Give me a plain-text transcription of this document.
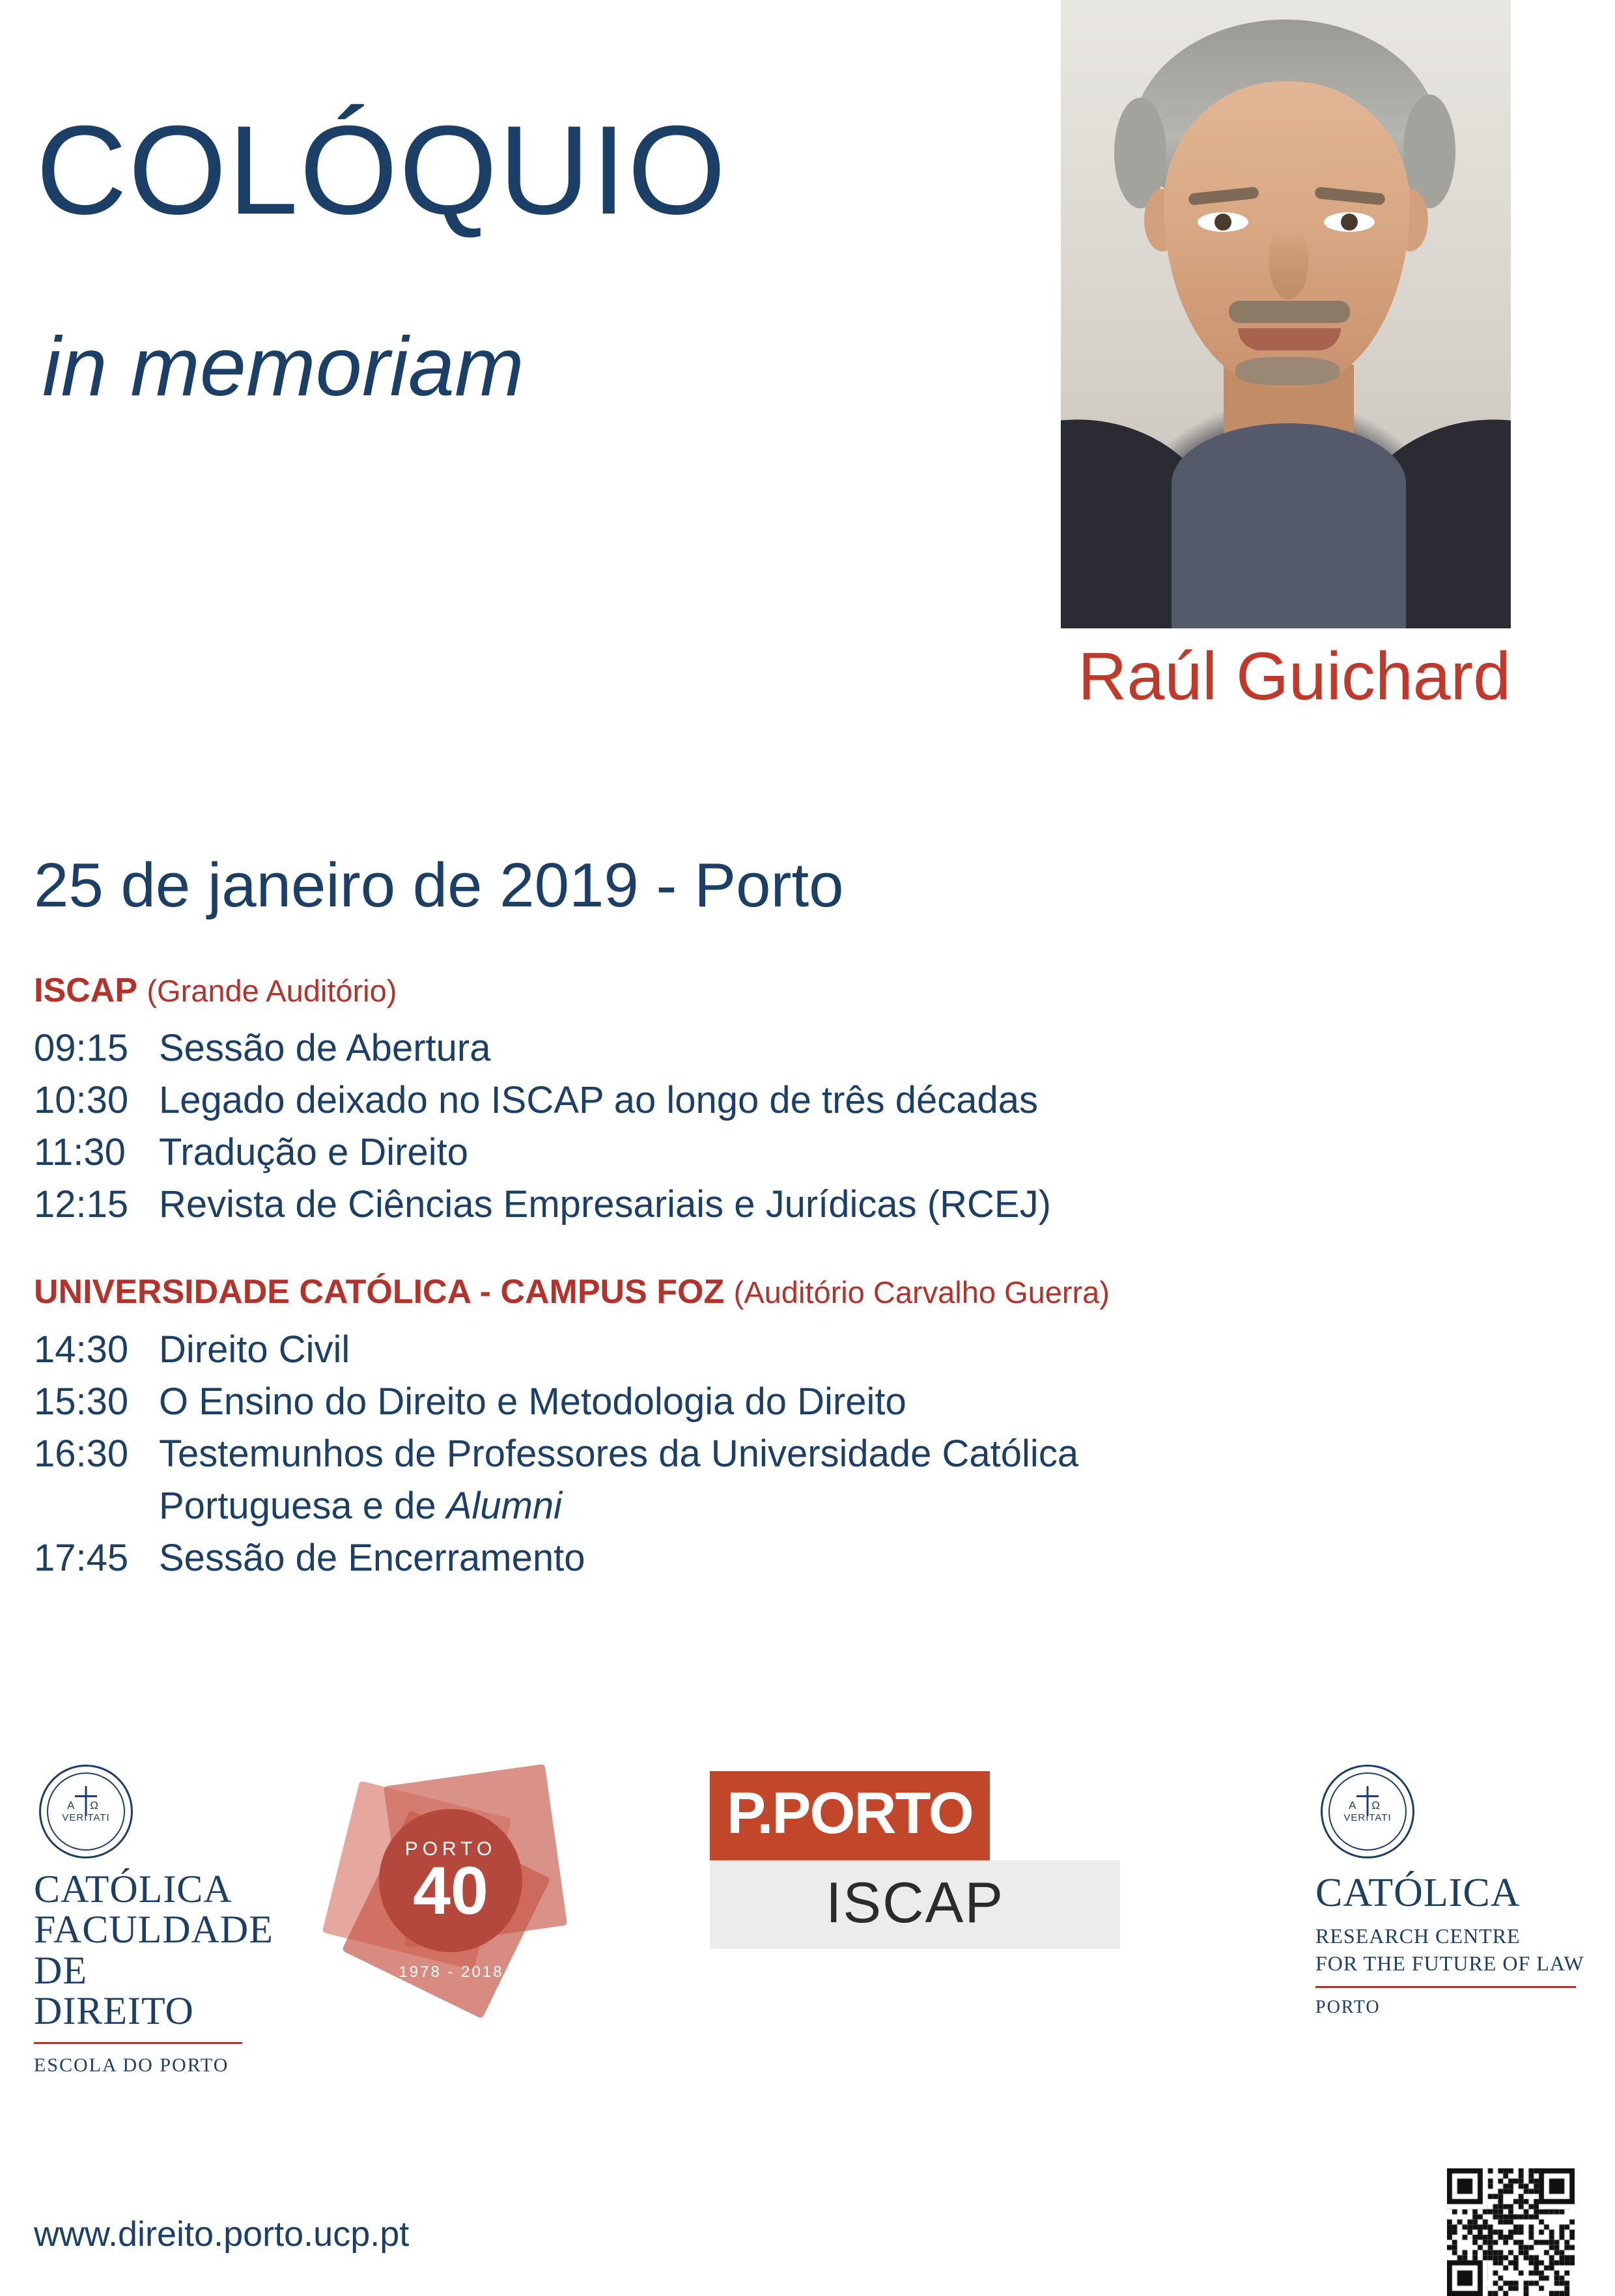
COLÓQUIO
in memoriam
Raúl Guichard
25 de janeiro de 2019 - Porto
ISCAP (Grande Auditório)
09:15 Sessão de Abertura
10:30 Legado deixado no ISCAP ao longo de três décadas
11:30 Tradução e Direito
12:15 Revista de Ciências Empresariais e Jurídicas (RCEJ)
UNIVERSIDADE CATÓLICA - CAMPUS FOZ (Auditório Carvalho Guerra)
14:30 Direito Civil
15:30 O Ensino do Direito e Metodologia do Direito
16:30 Testemunhos de Professores da Universidade Católica
Portuguesa e de Alumni
17:45 Sessão de Encerramento
A Ω
VERITATI
CATÓLICA
FACULDADE
DE DIREITO
ESCOLA DO PORTO
PORTO
40
1978 - 2018
P.PORTO
ISCAP
A Ω
VERITATI
CATÓLICA
RESEARCH CENTRE
FOR THE FUTURE OF LAW
PORTO
www.direito.porto.ucp.pt
